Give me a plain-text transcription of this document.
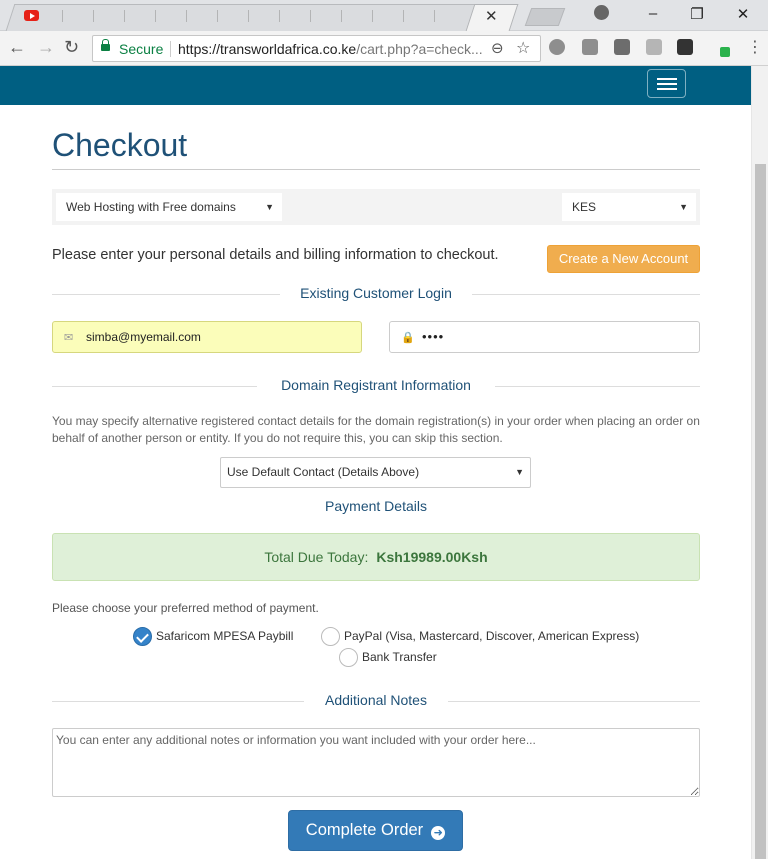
✕	–	❐ ✕
← → ↻	Secure https://transworldafrica.co.ke/cart.php?a=check... ⊖ ☆	⋮
Checkout
Web Hosting with Free domains	▼	KES	▼

Please enter your personal details and billing information to checkout.	Create a New Account
Existing Customer Login
✉ simba@myemail.com	🔒 ••••
Domain Registrant Information

You may specify alternative registered contact details for the domain registration(s) in your order when placing an order on behalf of another person or entity. If you do not require this, you can skip this section.

Use Default Contact (Details Above)	▼
Payment Details
Total Due Today: Ksh19989.00Ksh

Please choose your preferred method of payment.

Safaricom MPESA Paybill	PayPal (Visa, Mastercard, Discover, American Express)
Bank Transfer
Additional Notes
You can enter any additional notes or information you want included with your order here...
Complete Order ➜
